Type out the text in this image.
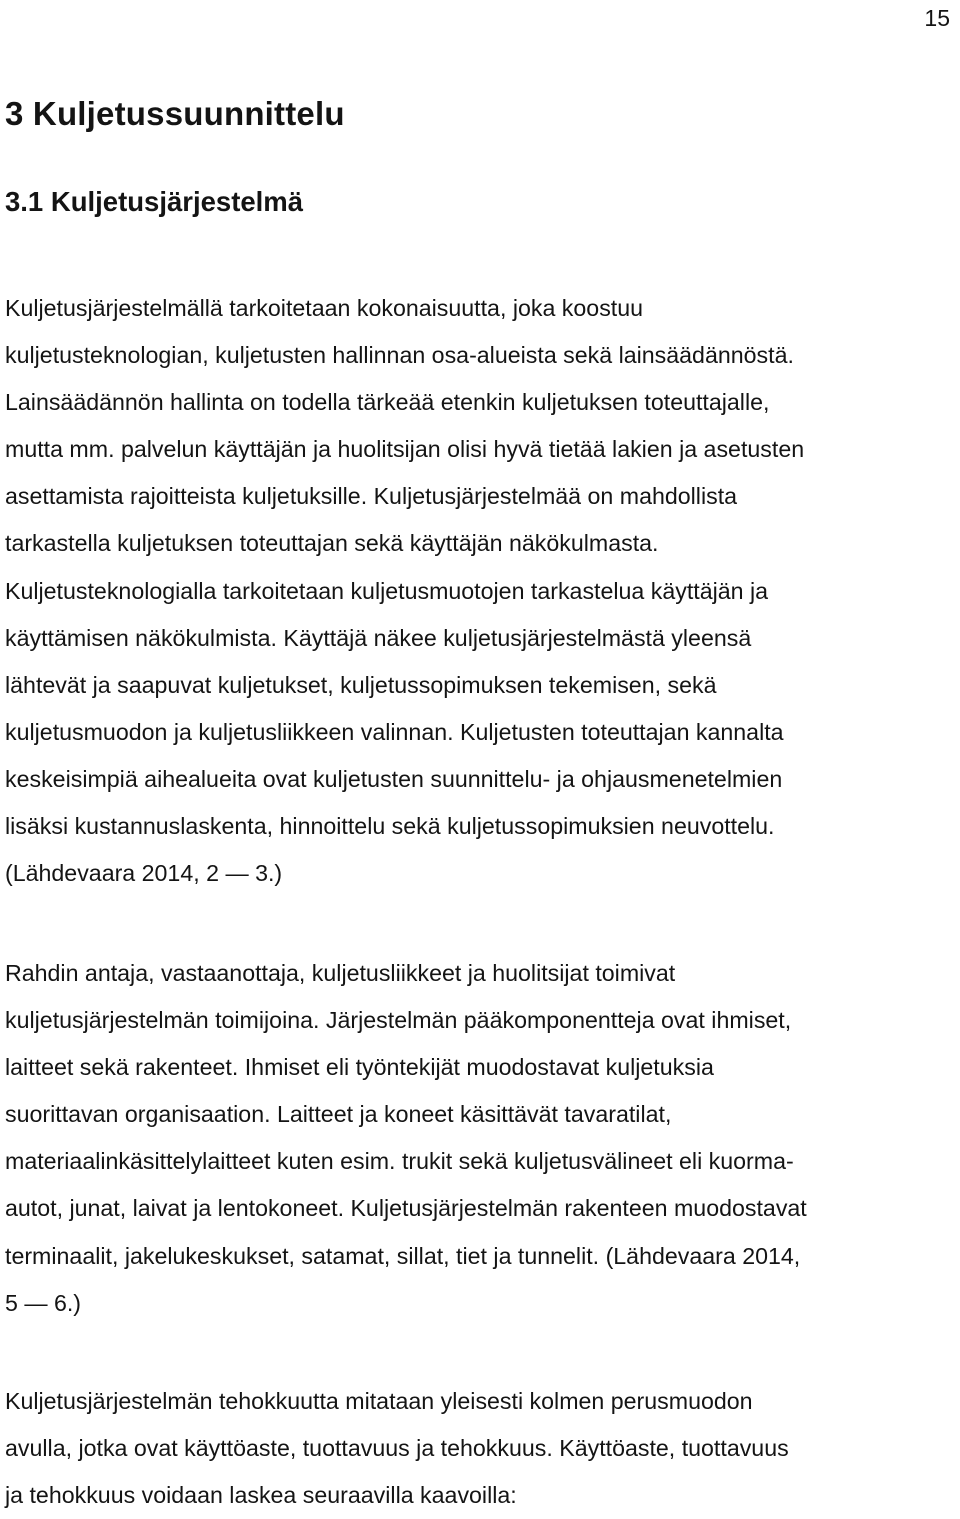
15
3 Kuljetussuunnittelu
3.1 Kuljetusjärjestelmä
Kuljetusjärjestelmällä tarkoitetaan kokonaisuutta, joka koostuu
kuljetusteknologian, kuljetusten hallinnan osa-alueista sekä lainsäädännöstä.
Lainsäädännön hallinta on todella tärkeää etenkin kuljetuksen toteuttajalle,
mutta mm. palvelun käyttäjän ja huolitsijan olisi hyvä tietää lakien ja asetusten
asettamista rajoitteista kuljetuksille. Kuljetusjärjestelmää on mahdollista
tarkastella kuljetuksen toteuttajan sekä käyttäjän näkökulmasta.
Kuljetusteknologialla tarkoitetaan kuljetusmuotojen tarkastelua käyttäjän ja
käyttämisen näkökulmista. Käyttäjä näkee kuljetusjärjestelmästä yleensä
lähtevät ja saapuvat kuljetukset, kuljetussopimuksen tekemisen, sekä
kuljetusmuodon ja kuljetusliikkeen valinnan. Kuljetusten toteuttajan kannalta
keskeisimpiä aihealueita ovat kuljetusten suunnittelu- ja ohjausmenetelmien
lisäksi kustannuslaskenta, hinnoittelu sekä kuljetussopimuksien neuvottelu.
(Lähdevaara 2014, 2 — 3.)
Rahdin antaja, vastaanottaja, kuljetusliikkeet ja huolitsijat toimivat
kuljetusjärjestelmän toimijoina. Järjestelmän pääkomponentteja ovat ihmiset,
laitteet sekä rakenteet. Ihmiset eli työntekijät muodostavat kuljetuksia
suorittavan organisaation. Laitteet ja koneet käsittävät tavaratilat,
materiaalinkäsittelylaitteet kuten esim. trukit sekä kuljetusvälineet eli kuorma-
autot, junat, laivat ja lentokoneet. Kuljetusjärjestelmän rakenteen muodostavat
terminaalit, jakelukeskukset, satamat, sillat, tiet ja tunnelit. (Lähdevaara 2014,
5 — 6.)
Kuljetusjärjestelmän tehokkuutta mitataan yleisesti kolmen perusmuodon
avulla, jotka ovat käyttöaste, tuottavuus ja tehokkuus. Käyttöaste, tuottavuus
ja tehokkuus voidaan laskea seuraavilla kaavoilla:
